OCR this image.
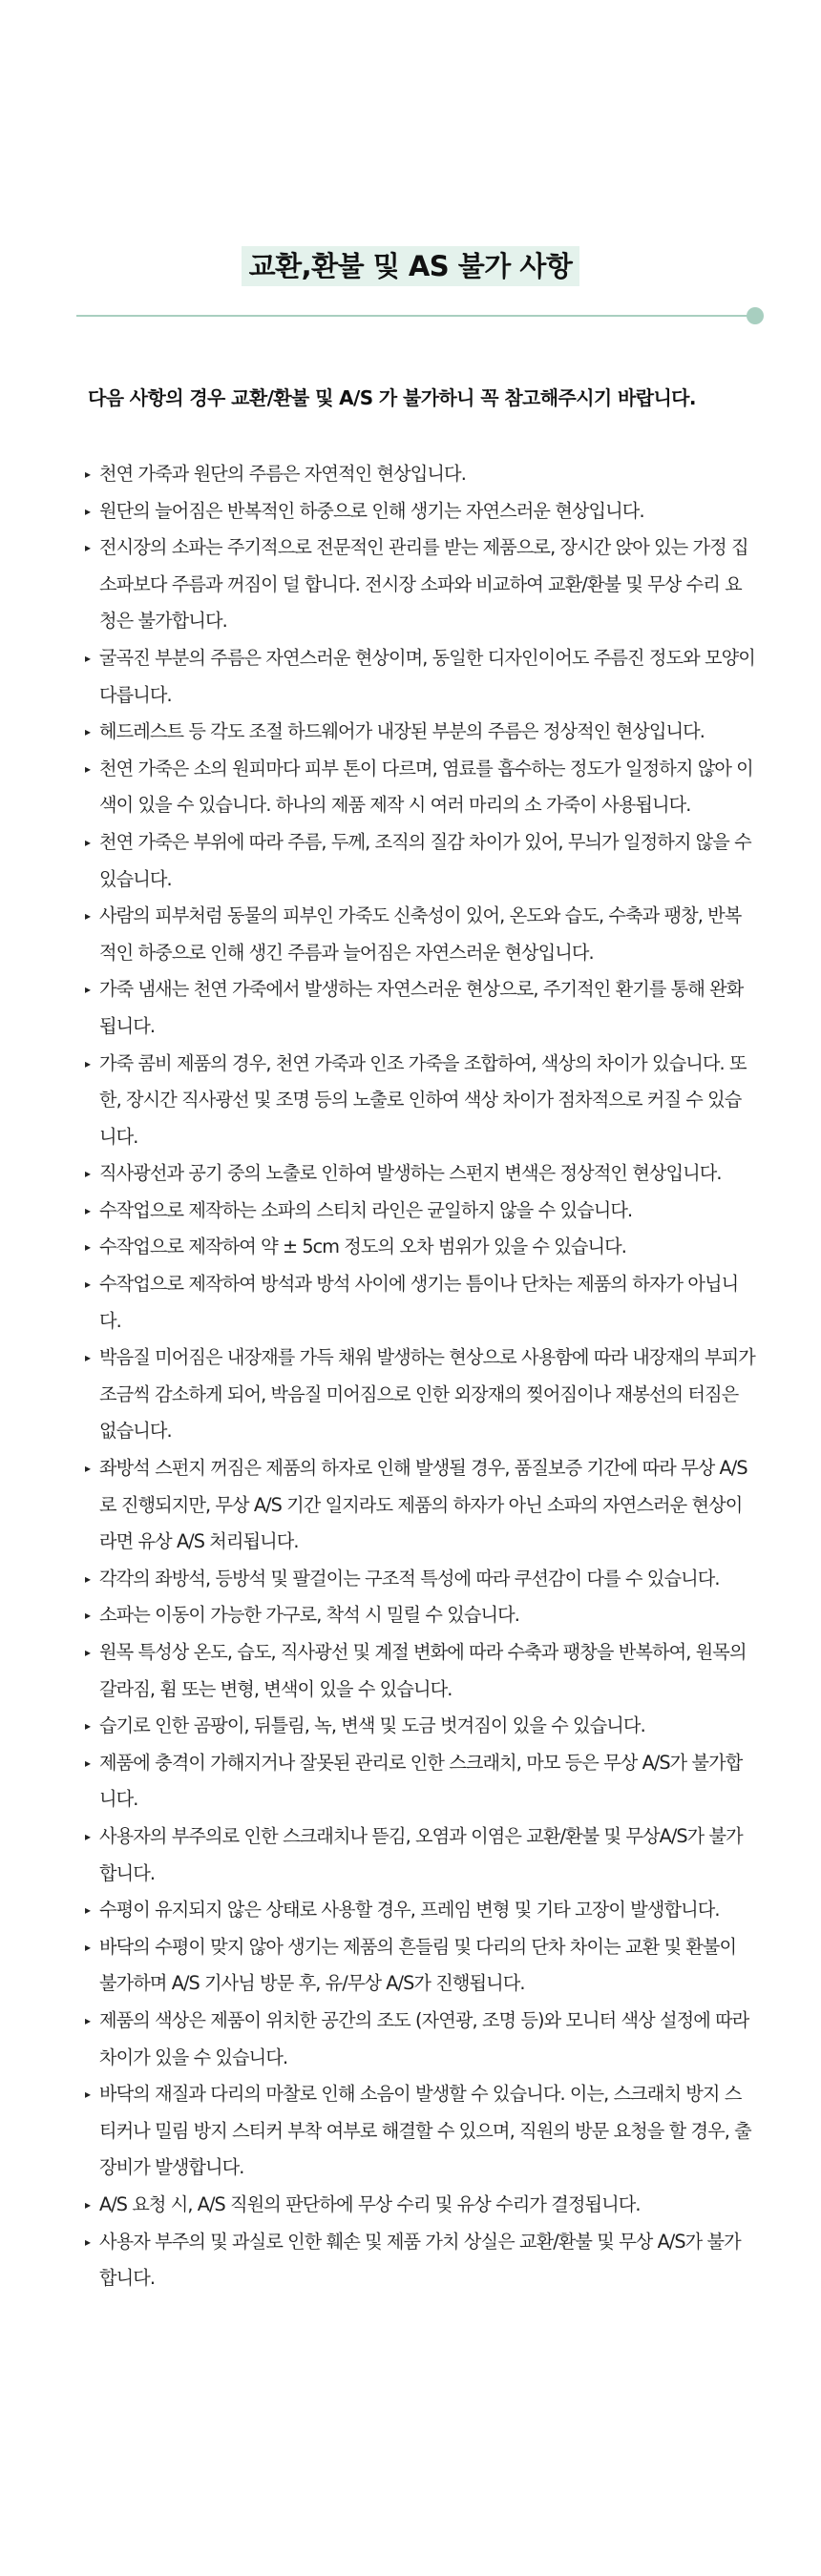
교환,환불 및 AS 불가 사항
다음 사항의 경우 교환/환불 및 A/S 가 불가하니 꼭 참고해주시기 바랍니다.
▸ 천연 가죽과 원단의 주름은 자연적인 현상입니다.
▸ 원단의 늘어짐은 반복적인 하중으로 인해 생기는 자연스러운 현상입니다.
▸ 전시장의 소파는 주기적으로 전문적인 관리를 받는 제품으로, 장시간 앉아 있는 가정 집 소파보다 주름과 꺼짐이 덜 합니다. 전시장 소파와 비교하여 교환/환불 및 무상 수리 요청은 불가합니다.
▸ 굴곡진 부분의 주름은 자연스러운 현상이며, 동일한 디자인이어도 주름진 정도와 모양이 다릅니다.
▸ 헤드레스트 등 각도 조절 하드웨어가 내장된 부분의 주름은 정상적인 현상입니다.
▸ 천연 가죽은 소의 원피마다 피부 톤이 다르며, 염료를 흡수하는 정도가 일정하지 않아 이색이 있을 수 있습니다. 하나의 제품 제작 시 여러 마리의 소 가죽이 사용됩니다.
▸ 천연 가죽은 부위에 따라 주름, 두께, 조직의 질감 차이가 있어, 무늬가 일정하지 않을 수 있습니다.
▸ 사람의 피부처럼 동물의 피부인 가죽도 신축성이 있어, 온도와 습도, 수축과 팽창, 반복적인 하중으로 인해 생긴 주름과 늘어짐은 자연스러운 현상입니다.
▸ 가죽 냄새는 천연 가죽에서 발생하는 자연스러운 현상으로, 주기적인 환기를 통해 완화됩니다.
▸ 가죽 콤비 제품의 경우, 천연 가죽과 인조 가죽을 조합하여, 색상의 차이가 있습니다. 또한, 장시간 직사광선 및 조명 등의 노출로 인하여 색상 차이가 점차적으로 커질 수 있습니다.
▸ 직사광선과 공기 중의 노출로 인하여 발생하는 스펀지 변색은 정상적인 현상입니다.
▸ 수작업으로 제작하는 소파의 스티치 라인은 균일하지 않을 수 있습니다.
▸ 수작업으로 제작하여 약 ± 5cm 정도의 오차 범위가 있을 수 있습니다.
▸ 수작업으로 제작하여 방석과 방석 사이에 생기는 틈이나 단차는 제품의 하자가 아닙니다.
▸ 박음질 미어짐은 내장재를 가득 채워 발생하는 현상으로 사용함에 따라 내장재의 부피가 조금씩 감소하게 되어, 박음질 미어짐으로 인한 외장재의 찢어짐이나 재봉선의 터짐은 없습니다.
▸ 좌방석 스펀지 꺼짐은 제품의 하자로 인해 발생될 경우, 품질보증 기간에 따라 무상 A/S로 진행되지만, 무상 A/S 기간 일지라도 제품의 하자가 아닌 소파의 자연스러운 현상이라면 유상 A/S 처리됩니다.
▸ 각각의 좌방석, 등방석 및 팔걸이는 구조적 특성에 따라 쿠션감이 다를 수 있습니다.
▸ 소파는 이동이 가능한 가구로, 착석 시 밀릴 수 있습니다.
▸ 원목 특성상 온도, 습도, 직사광선 및 계절 변화에 따라 수축과 팽창을 반복하여, 원목의 갈라짐, 휨 또는 변형, 변색이 있을 수 있습니다.
▸ 습기로 인한 곰팡이, 뒤틀림, 녹, 변색 및 도금 벗겨짐이 있을 수 있습니다.
▸ 제품에 충격이 가해지거나 잘못된 관리로 인한 스크래치, 마모 등은 무상 A/S가 불가합니다.
▸ 사용자의 부주의로 인한 스크래치나 뜯김, 오염과 이염은 교환/환불 및 무상A/S가 불가합니다.
▸ 수평이 유지되지 않은 상태로 사용할 경우, 프레임 변형 및 기타 고장이 발생합니다.
▸ 바닥의 수평이 맞지 않아 생기는 제품의 흔들림 및 다리의 단차 차이는 교환 및 환불이 불가하며 A/S 기사님 방문 후, 유/무상 A/S가 진행됩니다.
▸ 제품의 색상은 제품이 위치한 공간의 조도 (자연광, 조명 등)와 모니터 색상 설정에 따라 차이가 있을 수 있습니다.
▸ 바닥의 재질과 다리의 마찰로 인해 소음이 발생할 수 있습니다. 이는, 스크래치 방지 스티커나 밀림 방지 스티커 부착 여부로 해결할 수 있으며, 직원의 방문 요청을 할 경우, 출장비가 발생합니다.
▸ A/S 요청 시, A/S 직원의 판단하에 무상 수리 및 유상 수리가 결정됩니다.
▸ 사용자 부주의 및 과실로 인한 훼손 및 제품 가치 상실은 교환/환불 및 무상 A/S가 불가합니다.
